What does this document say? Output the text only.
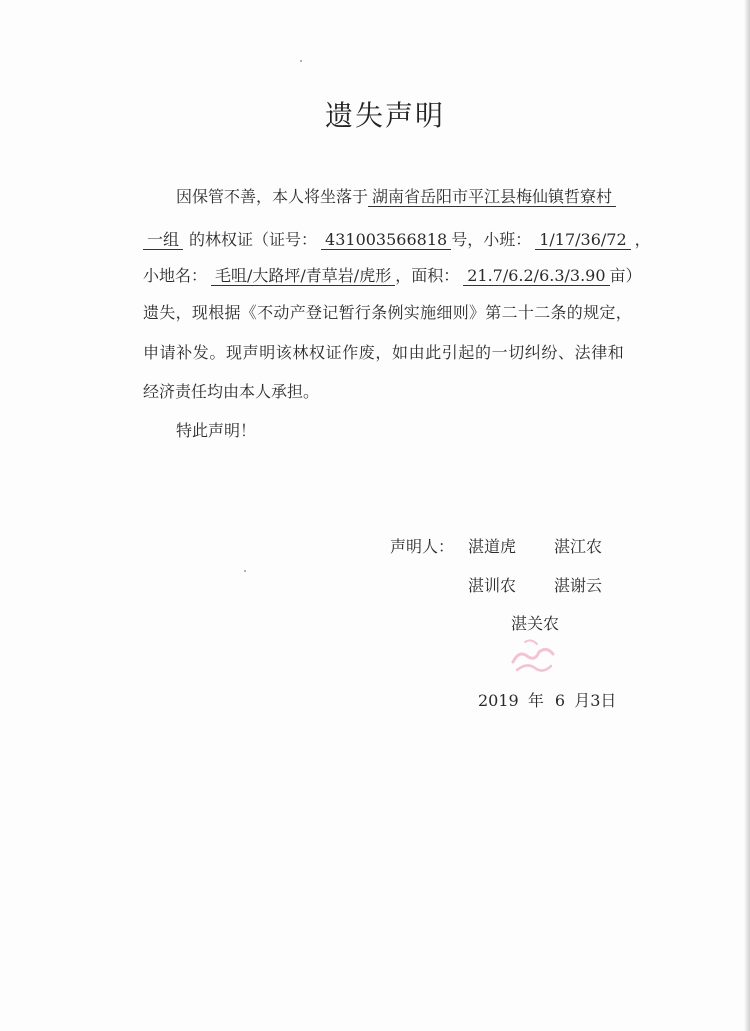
遗失声明
因保管不善，本人将坐落于 湖南省岳阳市平江县梅仙镇哲寮村
一组 的林权证（证号： 431003566818 号，小班： 1/17/36/72 ，
小地名： 毛咀/大路坪/青草岩/虎形 ，面积： 21.7/6.2/6.3/3.90 亩）
遗失，现根据《不动产登记暂行条例实施细则》第二十二条的规定，
申请补发。现声明该林权证作废，如由此引起的一切纠纷、法律和
经济责任均由本人承担。
特此声明！
声明人： 湛道虎 湛江农
湛训农 湛谢云
湛关农
2019 年 6 月3日
